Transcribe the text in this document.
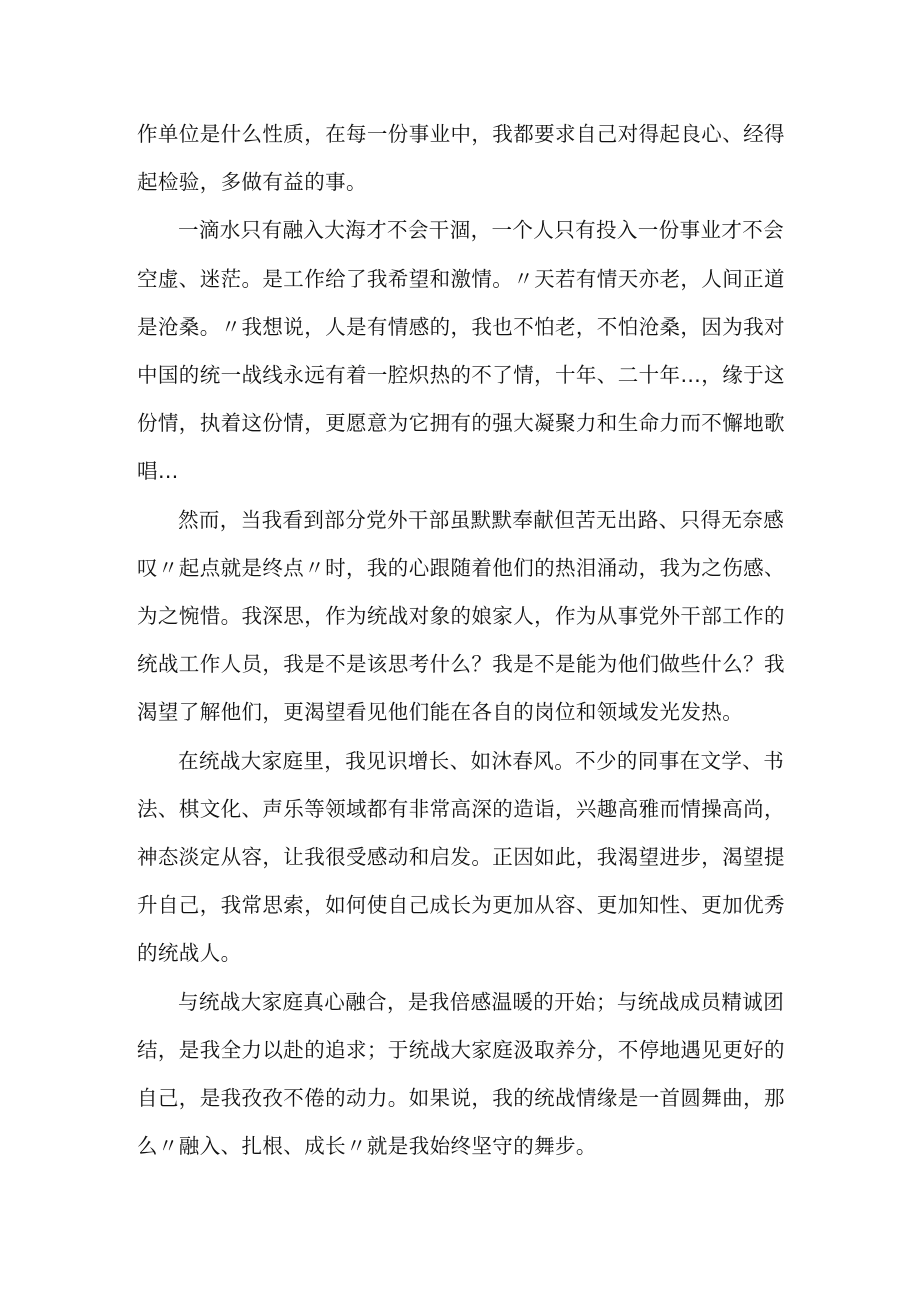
作单位是什么性质，在每一份事业中，我都要求自己对得起良心、经得
起检验，多做有益的事。
一滴水只有融入大海才不会干涸，一个人只有投入一份事业才不会
空虚、迷茫。是工作给了我希望和激情。〃天若有情天亦老，人间正道
是沧桑。〃我想说，人是有情感的，我也不怕老，不怕沧桑，因为我对
中国的统一战线永远有着一腔炽热的不了情，十年、二十年…，缘于这
份情，执着这份情，更愿意为它拥有的强大凝聚力和生命力而不懈地歌
唱…
然而，当我看到部分党外干部虽默默奉献但苦无出路、只得无奈感
叹〃起点就是终点〃时，我的心跟随着他们的热泪涌动，我为之伤感、
为之惋惜。我深思，作为统战对象的娘家人，作为从事党外干部工作的
统战工作人员，我是不是该思考什么？我是不是能为他们做些什么？我
渴望了解他们，更渴望看见他们能在各自的岗位和领域发光发热。
在统战大家庭里，我见识增长、如沐春风。不少的同事在文学、书
法、棋文化、声乐等领域都有非常高深的造诣，兴趣高雅而情操高尚，
神态淡定从容，让我很受感动和启发。正因如此，我渴望进步，渴望提
升自己，我常思索，如何使自己成长为更加从容、更加知性、更加优秀
的统战人。
与统战大家庭真心融合，是我倍感温暖的开始；与统战成员精诚团
结，是我全力以赴的追求；于统战大家庭汲取养分，不停地遇见更好的
自己，是我孜孜不倦的动力。如果说，我的统战情缘是一首圆舞曲，那
么〃融入、扎根、成长〃就是我始终坚守的舞步。
